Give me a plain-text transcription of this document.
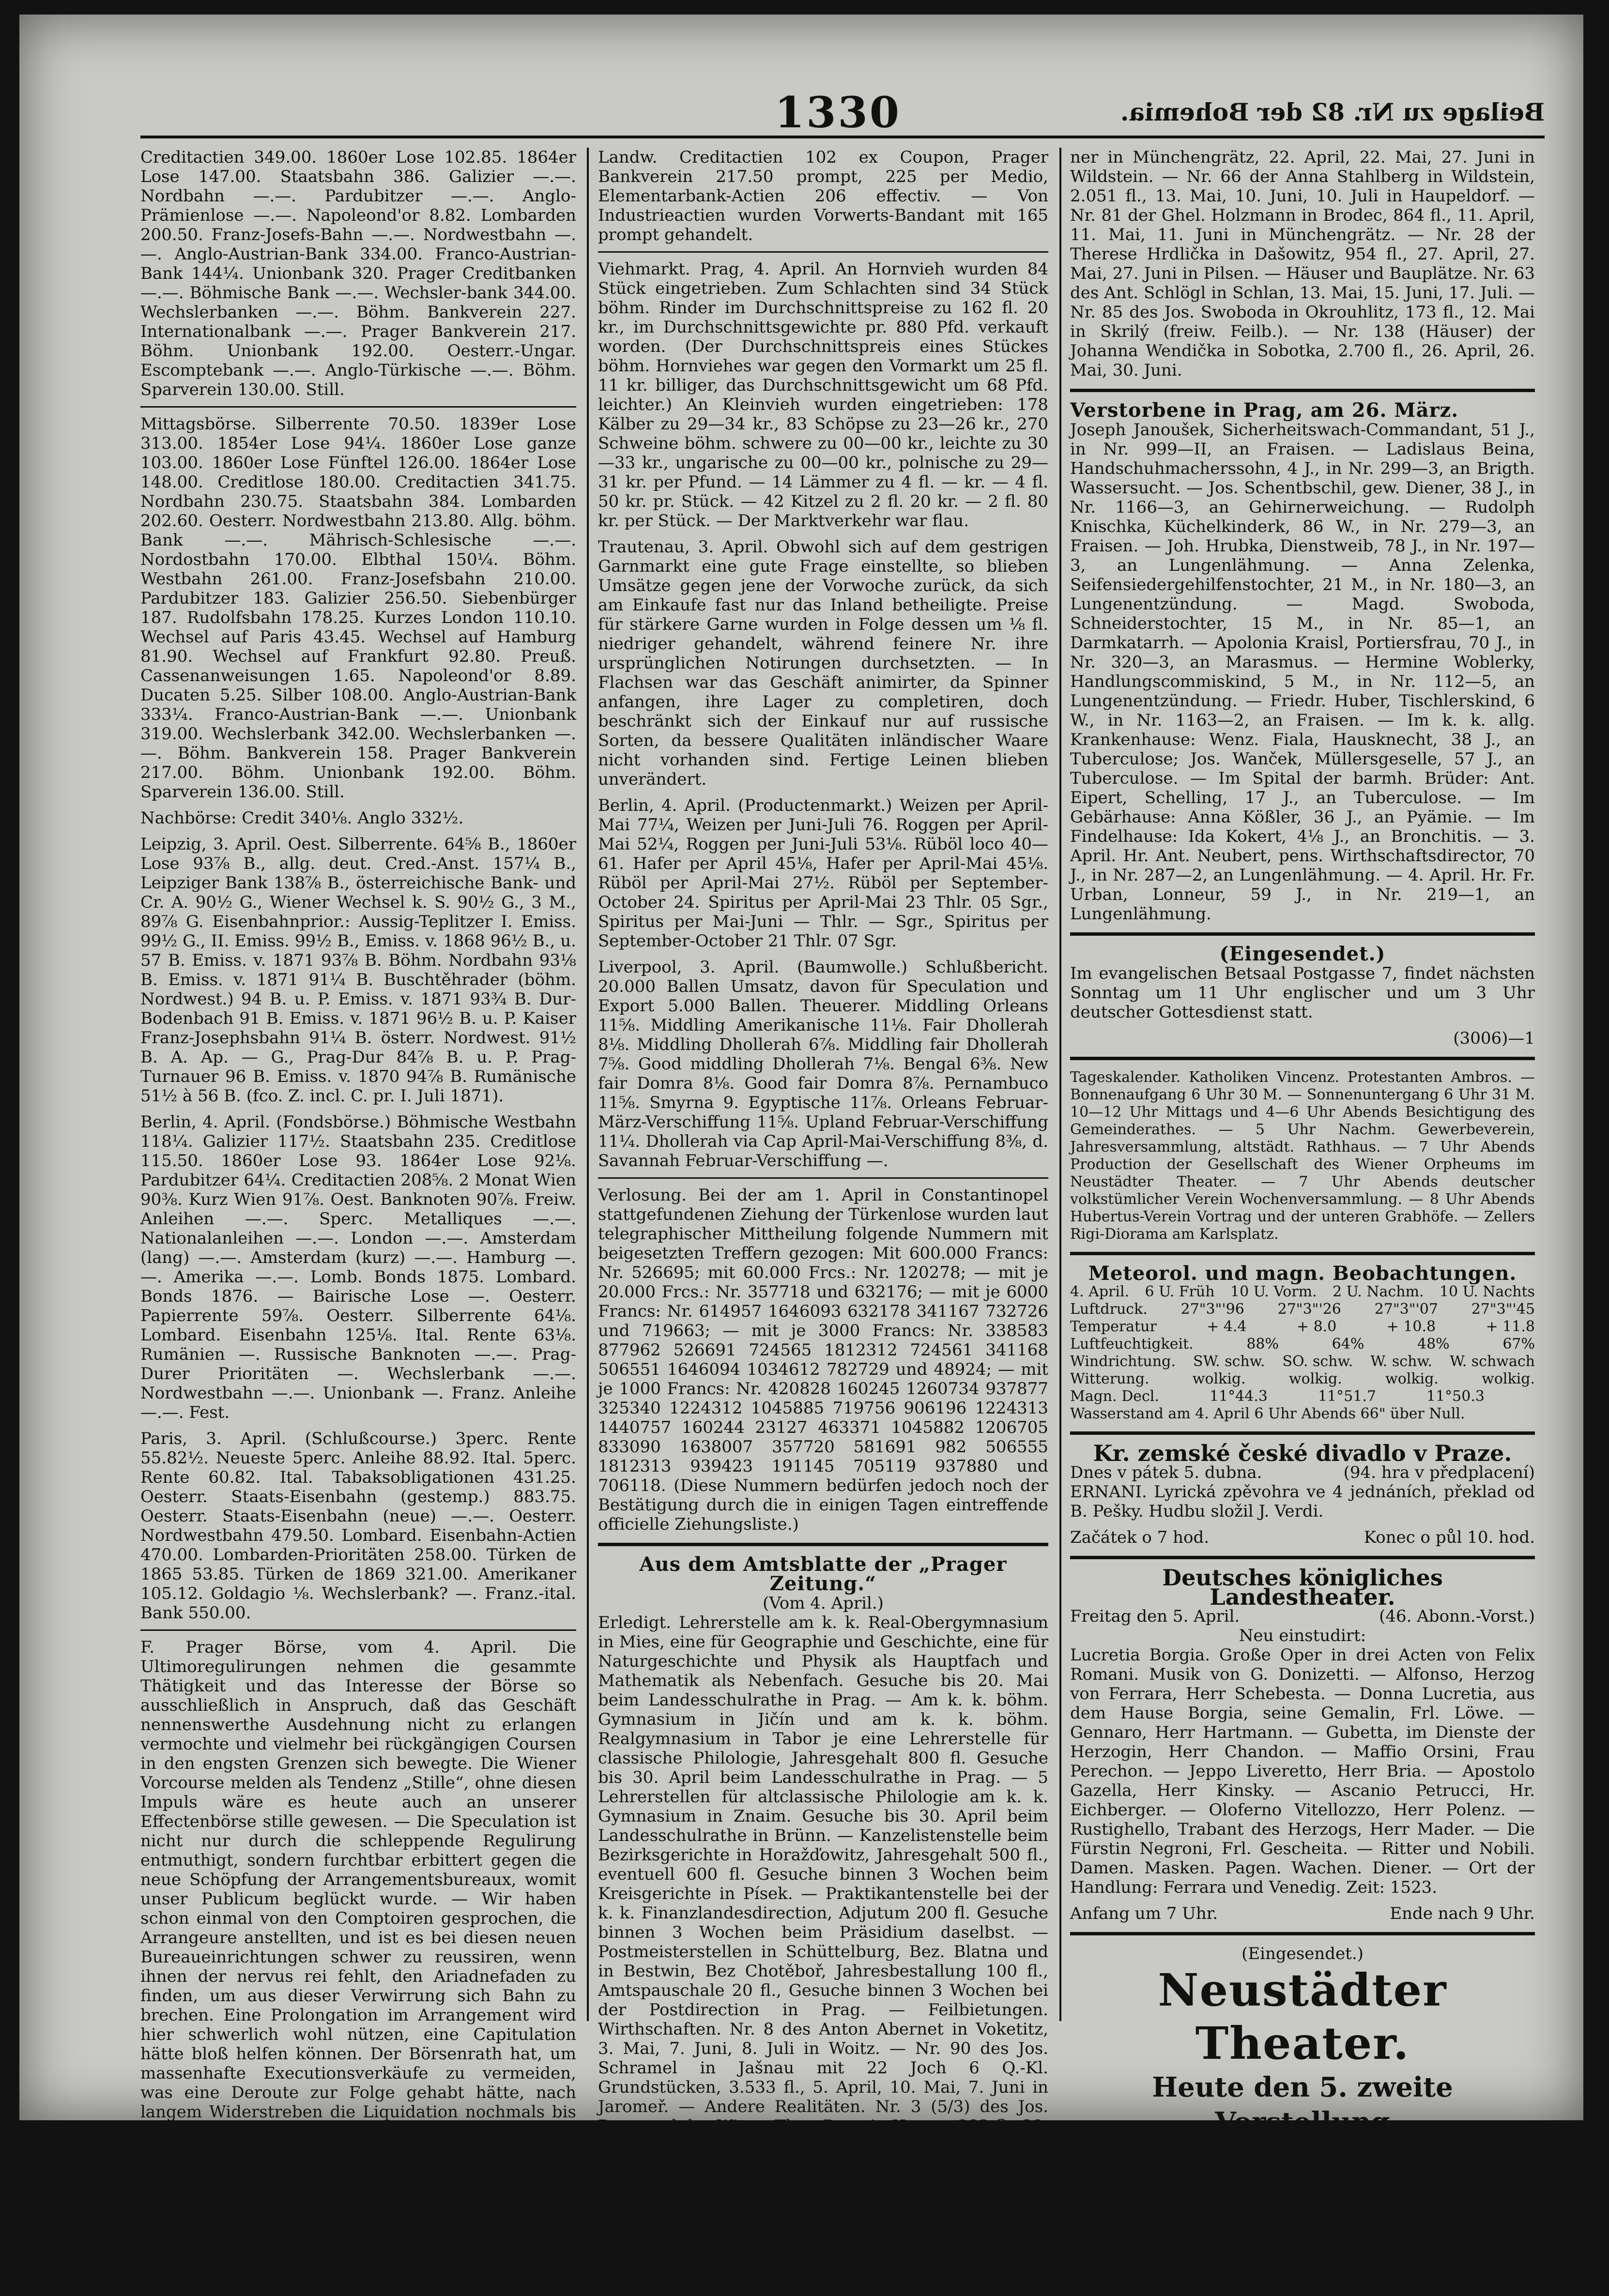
1330	Beilage zu Nr. 82 der Bohemia.

Creditactien 349.00. 1860er Lose 102.85. 1864er Lose 147.00. Staatsbahn 386. Galizier —.—. Nordbahn —.—. Pardubitzer —.—. Anglo-Prämienlose —.—. Napoleond'or 8.82. Lombarden 200.50. Franz-Josefs-Bahn —.—. Nordwestbahn —.—. Anglo-Austrian-Bank 334.00. Franco-Austrian-Bank 144¼. Unionbank 320. Prager Creditbanken —.—. Böhmische Bank —.—. Wechsler-bank 344.00. Wechslerbanken —.—. Böhm. Bankverein 227. Internationalbank —.—. Prager Bankverein 217. Böhm. Unionbank 192.00. Oesterr.-Ungar. Escomptebank —.—. Anglo-Türkische —.—. Böhm. Sparverein 130.00. Still.

Mittagsbörse. Silberrente 70.50. 1839er Lose 313.00. 1854er Lose 94¼. 1860er Lose ganze 103.00. 1860er Lose Fünftel 126.00. 1864er Lose 148.00. Creditlose 180.00. Creditactien 341.75. Nordbahn 230.75. Staatsbahn 384. Lombarden 202.60. Oesterr. Nordwestbahn 213.80. Allg. böhm. Bank —.—. Mährisch-Schlesische —.—. Nordostbahn 170.00. Elbthal 150¼. Böhm. Westbahn 261.00. Franz-Josefsbahn 210.00. Pardubitzer 183. Galizier 256.50. Siebenbürger 187. Rudolfsbahn 178.25. Kurzes London 110.10. Wechsel auf Paris 43.45. Wechsel auf Hamburg 81.90. Wechsel auf Frankfurt 92.80. Preuß. Cassenanweisungen 1.65. Napoleond'or 8.89. Ducaten 5.25. Silber 108.00. Anglo-Austrian-Bank 333¼. Franco-Austrian-Bank —.—. Unionbank 319.00. Wechslerbank 342.00. Wechslerbanken —.—. Böhm. Bankverein 158. Prager Bankverein 217.00. Böhm. Unionbank 192.00. Böhm. Sparverein 136.00. Still.

Nachbörse: Credit 340⅛. Anglo 332½.

Leipzig, 3. April. Oest. Silberrente. 64⅝ B., 1860er Lose 93⅞ B., allg. deut. Cred.-Anst. 157¼ B., Leipziger Bank 138⅞ B., österreichische Bank- und Cr. A. 90½ G., Wiener Wechsel k. S. 90½ G., 3 M., 89⅞ G. Eisenbahnprior.: Aussig-Teplitzer I. Emiss. 99½ G., II. Emiss. 99½ B., Emiss. v. 1868 96½ B., u. 57 B. Emiss. v. 1871 93⅞ B. Böhm. Nordbahn 93⅛ B. Emiss. v. 1871 91¼ B. Buschtěhrader (böhm. Nordwest.) 94 B. u. P. Emiss. v. 1871 93¾ B. Dur-Bodenbach 91 B. Emiss. v. 1871 96½ B. u. P. Kaiser Franz-Josephsbahn 91¼ B. österr. Nordwest. 91½ B. A. Ap. — G., Prag-Dur 84⅞ B. u. P. Prag-Turnauer 96 B. Emiss. v. 1870 94⅞ B. Rumänische 51½ à 56 B. (fco. Z. incl. C. pr. I. Juli 1871).

Berlin, 4. April. (Fondsbörse.) Böhmische Westbahn 118¼. Galizier 117½. Staatsbahn 235. Creditlose 115.50. 1860er Lose 93. 1864er Lose 92⅛. Pardubitzer 64¼. Creditactien 208⅝. 2 Monat Wien 90⅜. Kurz Wien 91⅞. Oest. Banknoten 90⅞. Freiw. Anleihen —.—. Sperc. Metalliques —.—. Nationalanleihen —.—. London —.—. Amsterdam (lang) —.—. Amsterdam (kurz) —.—. Hamburg —.—. Amerika —.—. Lomb. Bonds 1875. Lombard. Bonds 1876. — Bairische Lose —. Oesterr. Papierrente 59⅞. Oesterr. Silberrente 64⅛. Lombard. Eisenbahn 125⅛. Ital. Rente 63⅛. Rumänien —. Russische Banknoten —.—. Prag-Durer Prioritäten —. Wechslerbank —.—. Nordwestbahn —.—. Unionbank —. Franz. Anleihe —.—. Fest.

Paris, 3. April. (Schlußcourse.) 3perc. Rente 55.82½. Neueste 5perc. Anleihe 88.92. Ital. 5perc. Rente 60.82. Ital. Tabaksobligationen 431.25. Oesterr. Staats-Eisenbahn (gestemp.) 883.75. Oesterr. Staats-Eisenbahn (neue) —.—. Oesterr. Nordwestbahn 479.50. Lombard. Eisenbahn-Actien 470.00. Lombarden-Prioritäten 258.00. Türken de 1865 53.85. Türken de 1869 321.00. Amerikaner 105.12. Goldagio ⅛. Wechslerbank? —. Franz.-ital. Bank 550.00.

F. Prager Börse, vom 4. April. Die Ultimoregulirungen nehmen die gesammte Thätigkeit und das Interesse der Börse so ausschließlich in Anspruch, daß das Geschäft nennenswerthe Ausdehnung nicht zu erlangen vermochte und vielmehr bei rückgängigen Coursen in den engsten Grenzen sich bewegte. Die Wiener Vorcourse melden als Tendenz „Stille“, ohne diesen Impuls wäre es heute auch an unserer Effectenbörse stille gewesen. — Die Speculation ist nicht nur durch die schleppende Regulirung entmuthigt, sondern furchtbar erbittert gegen die neue Schöpfung der Arrangementsbureaux, womit unser Publicum beglückt wurde. — Wir haben schon einmal von den Comptoiren gesprochen, die Arrangeure anstellten, und ist es bei diesen neuen Bureaueinrichtungen schwer zu reussiren, wenn ihnen der nervus rei fehlt, den Ariadnefaden zu finden, um aus dieser Verwirrung sich Bahn zu brechen. Eine Prolongation im Arrangement wird hier schwerlich wohl nützen, eine Capitulation hätte bloß helfen können. Der Börsenrath hat, um massenhafte Executionsverkäufe zu vermeiden, was eine Deroute zur Folge gehabt hätte, nach langem Widerstreben die Liquidation nochmals bis Samstag 11 Uhr Vormittags prolongirt, vielleicht ist es möglich, bis dahin die Wirrnisse in richtige Wege zu bahnen. — Die Schlußcourse der heutigen Börse sind: Allg. Böhm. Bank, alte 286, junge 269 effectiv. Böhm. Escomptebank 190. Böhm. Handelsbank 154 prompt, Böhm. Unionbankactien 190 prompt, 204 per Medio, Böhm. Bankverein 160 effectiv, Böhm. Sparverein 129—130 ebenfalls effectiv, Volksbank 205,

Landw. Creditactien 102 ex Coupon, Prager Bankverein 217.50 prompt, 225 per Medio, Elementarbank-Actien 206 effectiv. — Von Industrieactien wurden Vorwerts-Bandant mit 165 prompt gehandelt.

Viehmarkt. Prag, 4. April. An Hornvieh wurden 84 Stück eingetrieben. Zum Schlachten sind 34 Stück böhm. Rinder im Durchschnittspreise zu 162 fl. 20 kr., im Durchschnittsgewichte pr. 880 Pfd. verkauft worden. (Der Durchschnittspreis eines Stückes böhm. Hornviehes war gegen den Vormarkt um 25 fl. 11 kr. billiger, das Durchschnittsgewicht um 68 Pfd. leichter.) An Kleinvieh wurden eingetrieben: 178 Kälber zu 29—34 kr., 83 Schöpse zu 23—26 kr., 270 Schweine böhm. schwere zu 00—00 kr., leichte zu 30—33 kr., ungarische zu 00—00 kr., polnische zu 29—31 kr. per Pfund. — 14 Lämmer zu 4 fl. — kr. — 4 fl. 50 kr. pr. Stück. — 42 Kitzel zu 2 fl. 20 kr. — 2 fl. 80 kr. per Stück. — Der Marktverkehr war flau.

Trautenau, 3. April. Obwohl sich auf dem gestrigen Garnmarkt eine gute Frage einstellte, so blieben Umsätze gegen jene der Vorwoche zurück, da sich am Einkaufe fast nur das Inland betheiligte. Preise für stärkere Garne wurden in Folge dessen um ⅛ fl. niedriger gehandelt, während feinere Nr. ihre ursprünglichen Notirungen durchsetzten. — In Flachsen war das Geschäft animirter, da Spinner anfangen, ihre Lager zu completiren, doch beschränkt sich der Einkauf nur auf russische Sorten, da bessere Qualitäten inländischer Waare nicht vorhanden sind. Fertige Leinen blieben unverändert.

Berlin, 4. April. (Productenmarkt.) Weizen per April-Mai 77¼, Weizen per Juni-Juli 76. Roggen per April-Mai 52¼, Roggen per Juni-Juli 53⅛. Rüböl loco 40—61. Hafer per April 45⅛, Hafer per April-Mai 45⅛. Rüböl per April-Mai 27½. Rüböl per September-October 24. Spiritus per April-Mai 23 Thlr. 05 Sgr., Spiritus per Mai-Juni — Thlr. — Sgr., Spiritus per September-October 21 Thlr. 07 Sgr.

Liverpool, 3. April. (Baumwolle.) Schlußbericht. 20.000 Ballen Umsatz, davon für Speculation und Export 5.000 Ballen. Theuerer. Middling Orleans 11⅝. Middling Amerikanische 11⅛. Fair Dhollerah 8⅛. Middling Dhollerah 6⅞. Middling fair Dhollerah 7⅝. Good middling Dhollerah 7⅛. Bengal 6⅜. New fair Domra 8⅛. Good fair Domra 8⅞. Pernambuco 11⅝. Smyrna 9. Egyptische 11⅞. Orleans Februar-März-Verschiffung 11⅝. Upland Februar-Verschiffung 11¼. Dhollerah via Cap April-Mai-Verschiffung 8⅜, d. Savannah Februar-Verschiffung —.

Verlosung. Bei der am 1. April in Constantinopel stattgefundenen Ziehung der Türkenlose wurden laut telegraphischer Mittheilung folgende Nummern mit beigesetzten Treffern gezogen: Mit 600.000 Francs: Nr. 526695; mit 60.000 Frcs.: Nr. 120278; — mit je 20.000 Frcs.: Nr. 357718 und 632176; — mit je 6000 Francs: Nr. 614957 1646093 632178 341167 732726 und 719663; — mit je 3000 Francs: Nr. 338583 877962 526691 724565 1812312 724561 341168 506551 1646094 1034612 782729 und 48924; — mit je 1000 Francs: Nr. 420828 160245 1260734 937877 325340 1224312 1045885 719756 906196 1224313 1440757 160244 23127 463371 1045882 1206705 833090 1638007 357720 581691 982 506555 1812313 939423 191145 705119 937880 und 706118. (Diese Nummern bedürfen jedoch noch der Bestätigung durch die in einigen Tagen eintreffende officielle Ziehungsliste.)

Aus dem Amtsblatte der „Prager Zeitung.“
(Vom 4. April.)

Erledigt. Lehrerstelle am k. k. Real-Obergymnasium in Mies, eine für Geographie und Geschichte, eine für Naturgeschichte und Physik als Hauptfach und Mathematik als Nebenfach. Gesuche bis 20. Mai beim Landesschulrathe in Prag. — Am k. k. böhm. Gymnasium in Jičín und am k. k. böhm. Realgymnasium in Tabor je eine Lehrerstelle für classische Philologie, Jahresgehalt 800 fl. Gesuche bis 30. April beim Landesschulrathe in Prag. — 5 Lehrerstellen für altclassische Philologie am k. k. Gymnasium in Znaim. Gesuche bis 30. April beim Landesschulrathe in Brünn. — Kanzelistenstelle beim Bezirksgerichte in Horažďowitz, Jahresgehalt 500 fl., eventuell 600 fl. Gesuche binnen 3 Wochen beim Kreisgerichte in Písek. — Praktikantenstelle bei der k. k. Finanzlandesdirection, Adjutum 200 fl. Gesuche binnen 3 Wochen beim Präsidium daselbst. — Postmeisterstellen in Schüttelburg, Bez. Blatna und in Bestwin, Bez Chotěboř, Jahresbestallung 100 fl., Amtspauschale 20 fl., Gesuche binnen 3 Wochen bei der Postdirection in Prag. — Feilbietungen. Wirthschaften. Nr. 8 des Anton Abernet in Voketitz, 3. Mai, 7. Juni, 8. Juli in Woitz. — Nr. 90 des Jos. Schramel in Jašnau mit 22 Joch 6 Q.-Kl. Grundstücken, 3.533 fl., 5. April, 10. Mai, 7. Juni in Jaromeř. — Andere Realitäten. Nr. 3 (5/3) des Jos. Dorn und der Witwe Ther. Dorn in Henne, 292 fl., 29. April, 27. Mai, 24. Juni in Böhm.-Kamnitz. Nr. 188 des Franz Bit in Eisenbrod, 1.132 fl., 25. April, 25. Mai, 25. Juni. — Nr. 18 des Math. Wer-

ner in Münchengrätz, 22. April, 22. Mai, 27. Juni in Wildstein. — Nr. 66 der Anna Stahlberg in Wildstein, 2.051 fl., 13. Mai, 10. Juni, 10. Juli in Haupeldorf. — Nr. 81 der Ghel. Holzmann in Brodec, 864 fl., 11. April, 11. Mai, 11. Juni in Münchengrätz. — Nr. 28 der Therese Hrdlička in Dašowitz, 954 fl., 27. April, 27. Mai, 27. Juni in Pilsen. — Häuser und Bauplätze. Nr. 63 des Ant. Schlögl in Schlan, 13. Mai, 15. Juni, 17. Juli. — Nr. 85 des Jos. Swoboda in Okrouhlitz, 173 fl., 12. Mai in Skrilý (freiw. Feilb.). — Nr. 138 (Häuser) der Johanna Wendička in Sobotka, 2.700 fl., 26. April, 26. Mai, 30. Juni.

Verstorbene in Prag, am 26. März.

Joseph Janoušek, Sicherheitswach-Commandant, 51 J., in Nr. 999—II, an Fraisen. — Ladislaus Beina, Handschuhmacherssohn, 4 J., in Nr. 299—3, an Brigth. Wassersucht. — Jos. Schentbschil, gew. Diener, 38 J., in Nr. 1166—3, an Gehirnerweichung. — Rudolph Knischka, Küchelkinderk, 86 W., in Nr. 279—3, an Fraisen. — Joh. Hrubka, Dienstweib, 78 J., in Nr. 197—3, an Lungenlähmung. — Anna Zelenka, Seifensiedergehilfenstochter, 21 M., in Nr. 180—3, an Lungenentzündung. — Magd. Swoboda, Schneiderstochter, 15 M., in Nr. 85—1, an Darmkatarrh. — Apolonia Kraisl, Portiersfrau, 70 J., in Nr. 320—3, an Marasmus. — Hermine Woblerky, Handlungscommiskind, 5 M., in Nr. 112—5, an Lungenentzündung. — Friedr. Huber, Tischlerskind, 6 W., in Nr. 1163—2, an Fraisen. — Im k. k. allg. Krankenhause: Wenz. Fiala, Hausknecht, 38 J., an Tuberculose; Jos. Wanček, Müllersgeselle, 57 J., an Tuberculose. — Im Spital der barmh. Brüder: Ant. Eipert, Schelling, 17 J., an Tuberculose. — Im Gebärhause: Anna Kößler, 36 J., an Pyämie. — Im Findelhause: Ida Kokert, 4⅛ J., an Bronchitis. — 3. April. Hr. Ant. Neubert, pens. Wirthschaftsdirector, 70 J., in Nr. 287—2, an Lungenlähmung. — 4. April. Hr. Fr. Urban, Lonneur, 59 J., in Nr. 219—1, an Lungenlähmung.

(Eingesendet.)

Im evangelischen Betsaal Postgasse 7, findet nächsten Sonntag um 11 Uhr englischer und um 3 Uhr deutscher Gottesdienst statt.

(3006)—1

Tageskalender. Katholiken Vincenz. Protestanten Ambros. — Bonnenaufgang 6 Uhr 30 M. — Sonnenuntergang 6 Uhr 31 M. 10—12 Uhr Mittags und 4—6 Uhr Abends Besichtigung des Gemeinderathes. — 5 Uhr Nachm. Gewerbeverein, Jahresversammlung, altstädt. Rathhaus. — 7 Uhr Abends Production der Gesellschaft des Wiener Orpheums im Neustädter Theater. — 7 Uhr Abends deutscher volkstümlicher Verein Wochenversammlung. — 8 Uhr Abends Hubertus-Verein Vortrag und der unteren Grabhöfe. — Zellers Rigi-Diorama am Karlsplatz.

Meteorol. und magn. Beobachtungen.
4. April. 6 U. Früh 10 U. Vorm. 2 U. Nachm. 10 U. Nachts
Luftdruck. 27"3"'96 27"3"'26 27"3"'07 27"3"'45
Temperatur	+ 4.4	+ 8.0	+ 10.8	+ 11.8
Luftfeuchtigkeit.	88%	64%	48%	67%
Windrichtung. SW. schw. SO. schw. W. schw. W. schwach
Witterung.	wolkig.	wolkig.	wolkig.	wolkig.
Magn. Decl.	11°44.3	11°51.7	11°50.3
Wasserstand am 4. April 6 Uhr Abends 66" über Null.
Kr. zemské české divadlo v Praze.
Dnes v pátek 5. dubna.	(94. hra v předplacení)

ERNANI. Lyrická zpěvohra ve 4 jednáních, překlad od B. Pešky. Hudbu složil J. Verdi.

Začátek o 7 hod.	Konec o půl 10. hod.
Deutsches königliches Landestheater.
Freitag den 5. April.	(46. Abonn.-Vorst.)
Neu einstudirt:

Lucretia Borgia. Große Oper in drei Acten von Felix Romani. Musik von G. Donizetti. — Alfonso, Herzog von Ferrara, Herr Schebesta. — Donna Lucretia, aus dem Hause Borgia, seine Gemalin, Frl. Löwe. — Gennaro, Herr Hartmann. — Gubetta, im Dienste der Herzogin, Herr Chandon. — Maffio Orsini, Frau Perechon. — Jeppo Liveretto, Herr Bria. — Apostolo Gazella, Herr Kinsky. — Ascanio Petrucci, Hr. Eichberger. — Oloferno Vitellozzo, Herr Polenz. — Rustighello, Trabant des Herzogs, Herr Mader. — Die Fürstin Negroni, Frl. Gescheita. — Ritter und Nobili. Damen. Masken. Pagen. Wachen. Diener. — Ort der Handlung: Ferrara und Venedig. Zeit: 1523.

Anfang um 7 Uhr.	Ende nach 9 Uhr.
(Eingesendet.)
Neustädter Theater.
Heute den 5. zweite Vorstellung
des Wiener Orpheums.
Näheres die Anschlagzettel.
(3687)	Robert Löwe.
